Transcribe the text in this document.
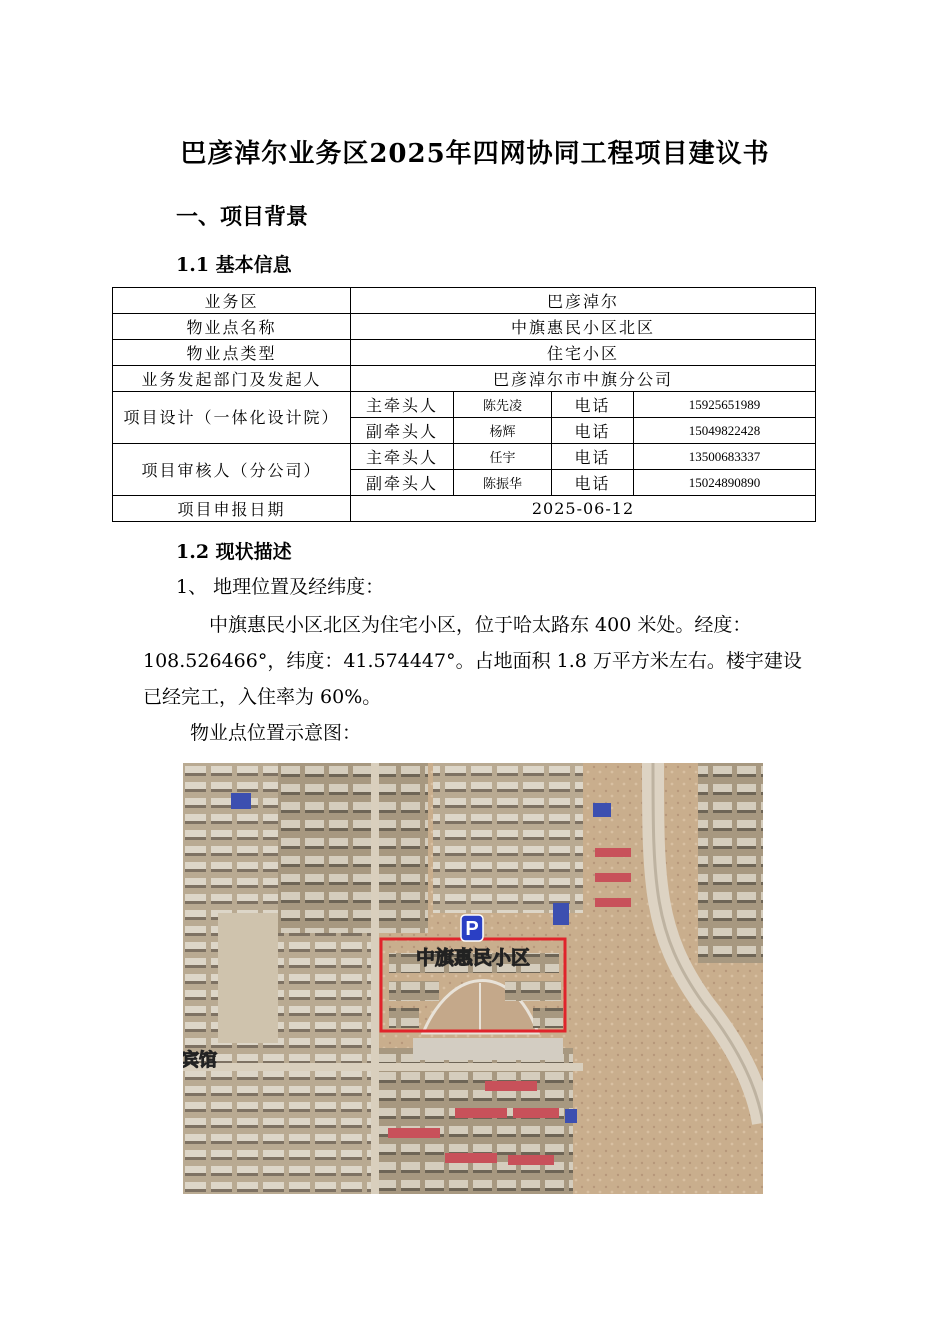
巴彦淖尔业务区2025年四网协同工程项目建议书
一、项目背景
1.1 基本信息
业务区	巴彦淖尔			
物业点名称	中旗惠民小区北区			
物业点类型	住宅小区			
业务发起部门及发起人	巴彦淖尔市中旗分公司			
项目设计（一体化设计院）	主牵头人	陈先凌	电话	15925651989
	副牵头人	杨辉	电话	15049822428
项目审核人（分公司）	主牵头人	任宇	电话	13500683337
	副牵头人	陈振华	电话	15024890890
项目申报日期	2025-06-12			
1.2 现状描述
1、 地理位置及经纬度：
中旗惠民小区北区为住宅小区，位于哈太路东 400 米处。经度：108.526466°，纬度：41.574447°。占地面积 1.8 万平方米左右。楼宇建设已经完工，入住率为 60%。
物业点位置示意图：
P
中旗惠民小区
宾馆
